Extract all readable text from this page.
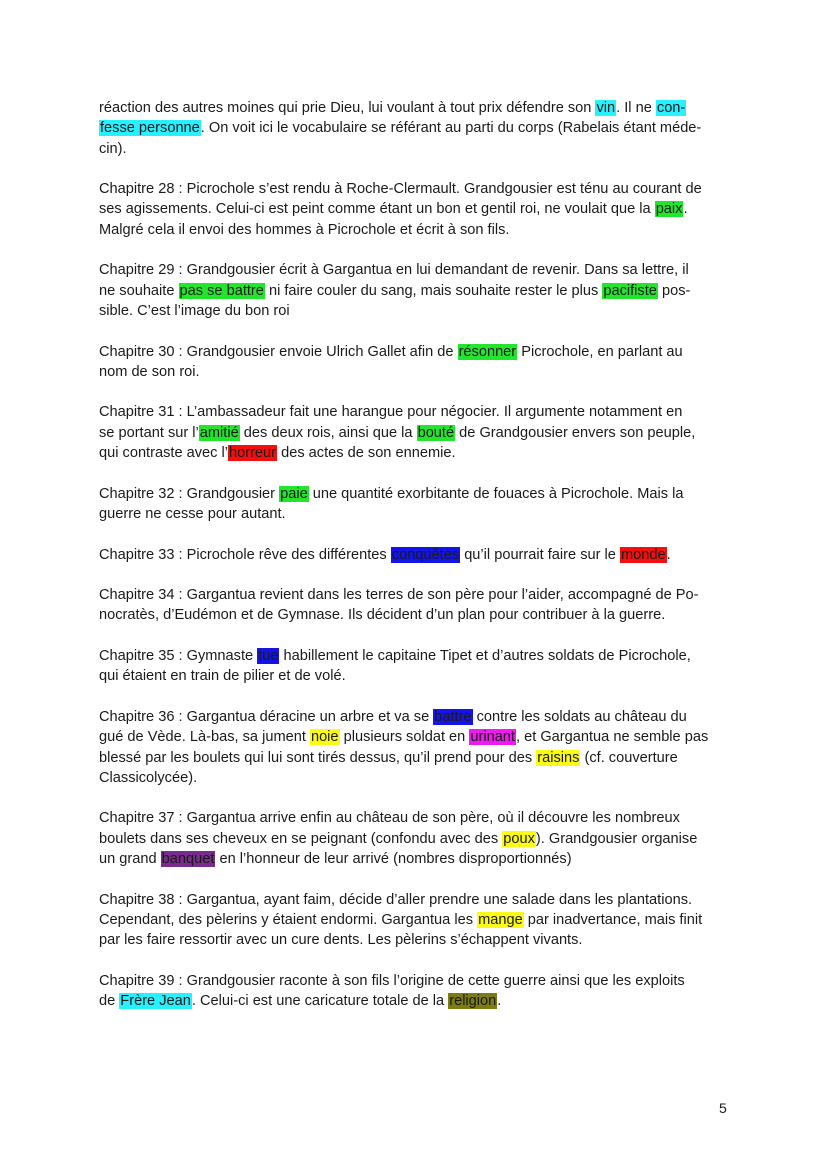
réaction des autres moines qui prie Dieu, lui voulant à tout prix défendre son vin. Il ne con-
fesse personne. On voit ici le vocabulaire se référant au parti du corps (Rabelais étant méde-
cin).

Chapitre 28 : Picrochole s’est rendu à Roche-Clermault. Grandgousier est ténu au courant de
ses agissements. Celui-ci est peint comme étant un bon et gentil roi, ne voulait que la paix.
Malgré cela il envoi des hommes à Picrochole et écrit à son fils.

Chapitre 29 : Grandgousier écrit à Gargantua en lui demandant de revenir. Dans sa lettre, il
ne souhaite pas se battre ni faire couler du sang, mais souhaite rester le plus pacifiste pos-
sible. C’est l’image du bon roi

Chapitre 30 : Grandgousier envoie Ulrich Gallet afin de résonner Picrochole, en parlant au
nom de son roi.

Chapitre 31 : L’ambassadeur fait une harangue pour négocier. Il argumente notamment en
se portant sur l’amitié des deux rois, ainsi que la bouté de Grandgousier envers son peuple,
qui contraste avec l’horreur des actes de son ennemie.

Chapitre 32 : Grandgousier paie une quantité exorbitante de fouaces à Picrochole. Mais la
guerre ne cesse pour autant.

Chapitre 33 : Picrochole rêve des différentes conquêtes qu’il pourrait faire sur le monde.

Chapitre 34 : Gargantua revient dans les terres de son père pour l’aider, accompagné de Po-
nocratès, d’Eudémon et de Gymnase. Ils décident d’un plan pour contribuer à la guerre.

Chapitre 35 : Gymnaste tue habillement le capitaine Tipet et d’autres soldats de Picrochole,
qui étaient en train de pilier et de volé.

Chapitre 36 : Gargantua déracine un arbre et va se battre contre les soldats au château du
gué de Vède. Là-bas, sa jument noie plusieurs soldat en urinant, et Gargantua ne semble pas
blessé par les boulets qui lui sont tirés dessus, qu’il prend pour des raisins (cf. couverture
Classicolycée).

Chapitre 37 : Gargantua arrive enfin au château de son père, où il découvre les nombreux
boulets dans ses cheveux en se peignant (confondu avec des poux). Grandgousier organise
un grand banquet en l’honneur de leur arrivé (nombres disproportionnés)

Chapitre 38 : Gargantua, ayant faim, décide d’aller prendre une salade dans les plantations.
Cependant, des pèlerins y étaient endormi. Gargantua les mange par inadvertance, mais finit
par les faire ressortir avec un cure dents. Les pèlerins s’échappent vivants.

Chapitre 39 : Grandgousier raconte à son fils l’origine de cette guerre ainsi que les exploits
de Frère Jean. Celui-ci est une caricature totale de la religion.

5
